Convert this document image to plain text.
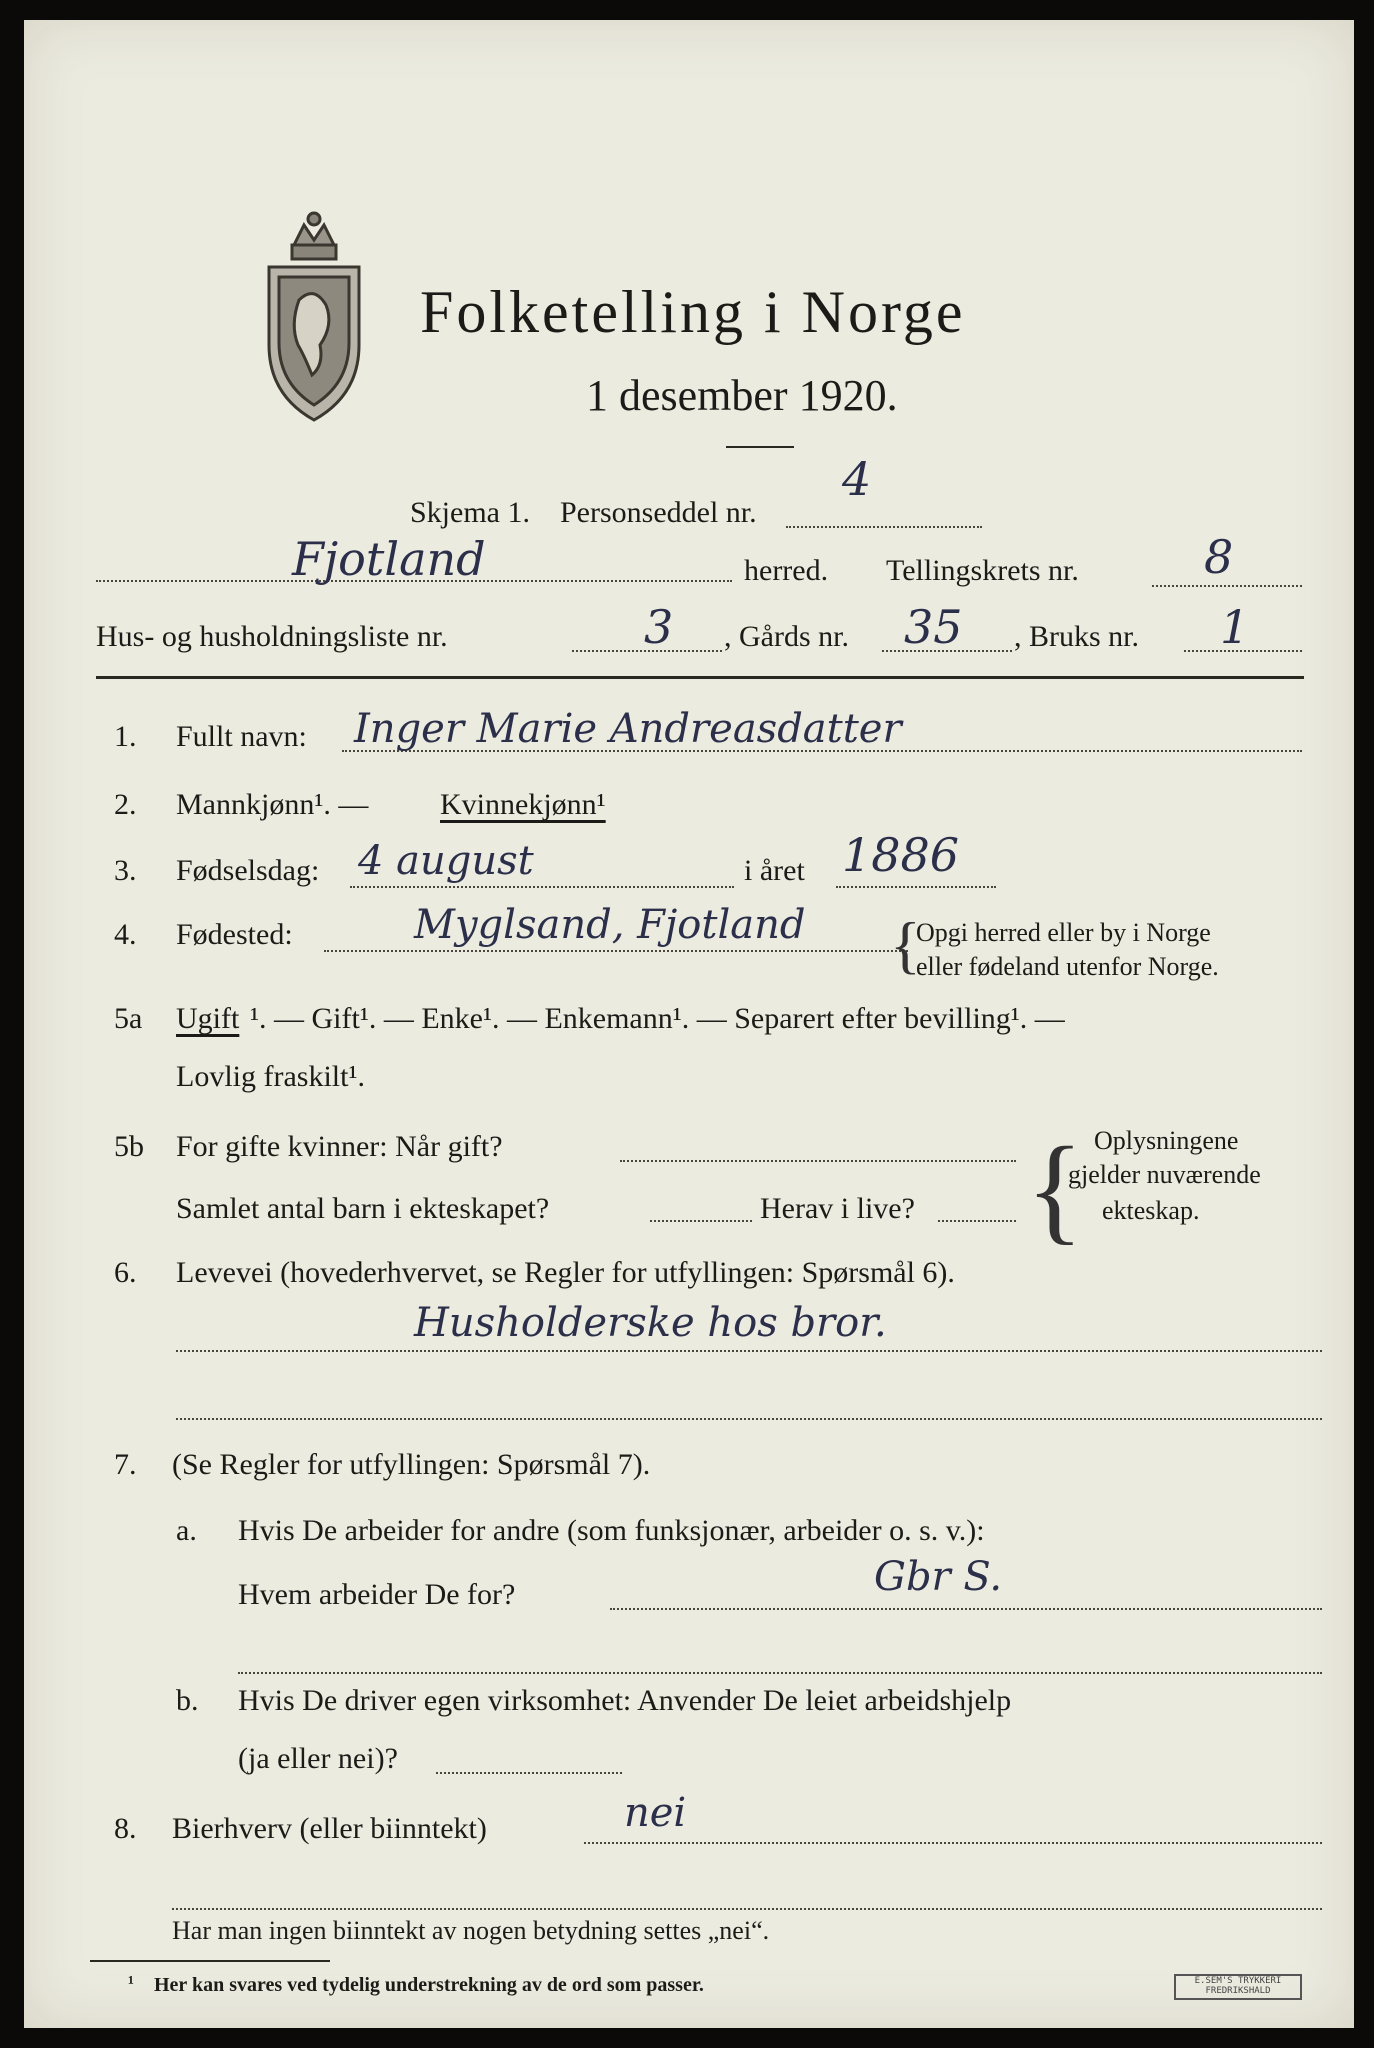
Folketelling i Norge
1 desember 1920.
Skjema 1. Personseddel nr.
4
Fjotland	herred. Tellingskrets nr.	8
Hus- og husholdningsliste nr.	3 , Gårds nr. 35 , Bruks nr. 1
1. Fullt navn: Inger Marie Andreasdatter
2. Mannkjønn¹. — Kvinnekjønn¹
3. Fødselsdag: 4 august	i året 1886
4. Fødested:	Myglsand, Fjotland {
Opgi herred eller by i Norge
eller fødeland utenfor Norge.
5a Ugift ¹. — Gift¹. — Enke¹. — Enkemann¹. — Separert efter bevilling¹. —
Lovlig fraskilt¹.
5b For gifte kvinner: Når gift?
Samlet antal barn i ekteskapet?	Herav i live? { Oplysningene
gjelder nuværende
ekteskap.
6. Levevei (hovederhvervet, se Regler for utfyllingen: Spørsmål 6).
Husholderske hos bror.
7. (Se Regler for utfyllingen: Spørsmål 7).
a. Hvis De arbeider for andre (som funksjonær, arbeider o. s. v.):
Hvem arbeider De for?	Gbr S.
b. Hvis De driver egen virksomhet: Anvender De leiet arbeidshjelp
(ja eller nei)?
8. Bierhverv (eller biinntekt)	nei
Har man ingen biinntekt av nogen betydning settes „nei“.
¹ Her kan svares ved tydelig understrekning av de ord som passer.	E.SEM'S TRYKKERI
FREDRIKSHALD
